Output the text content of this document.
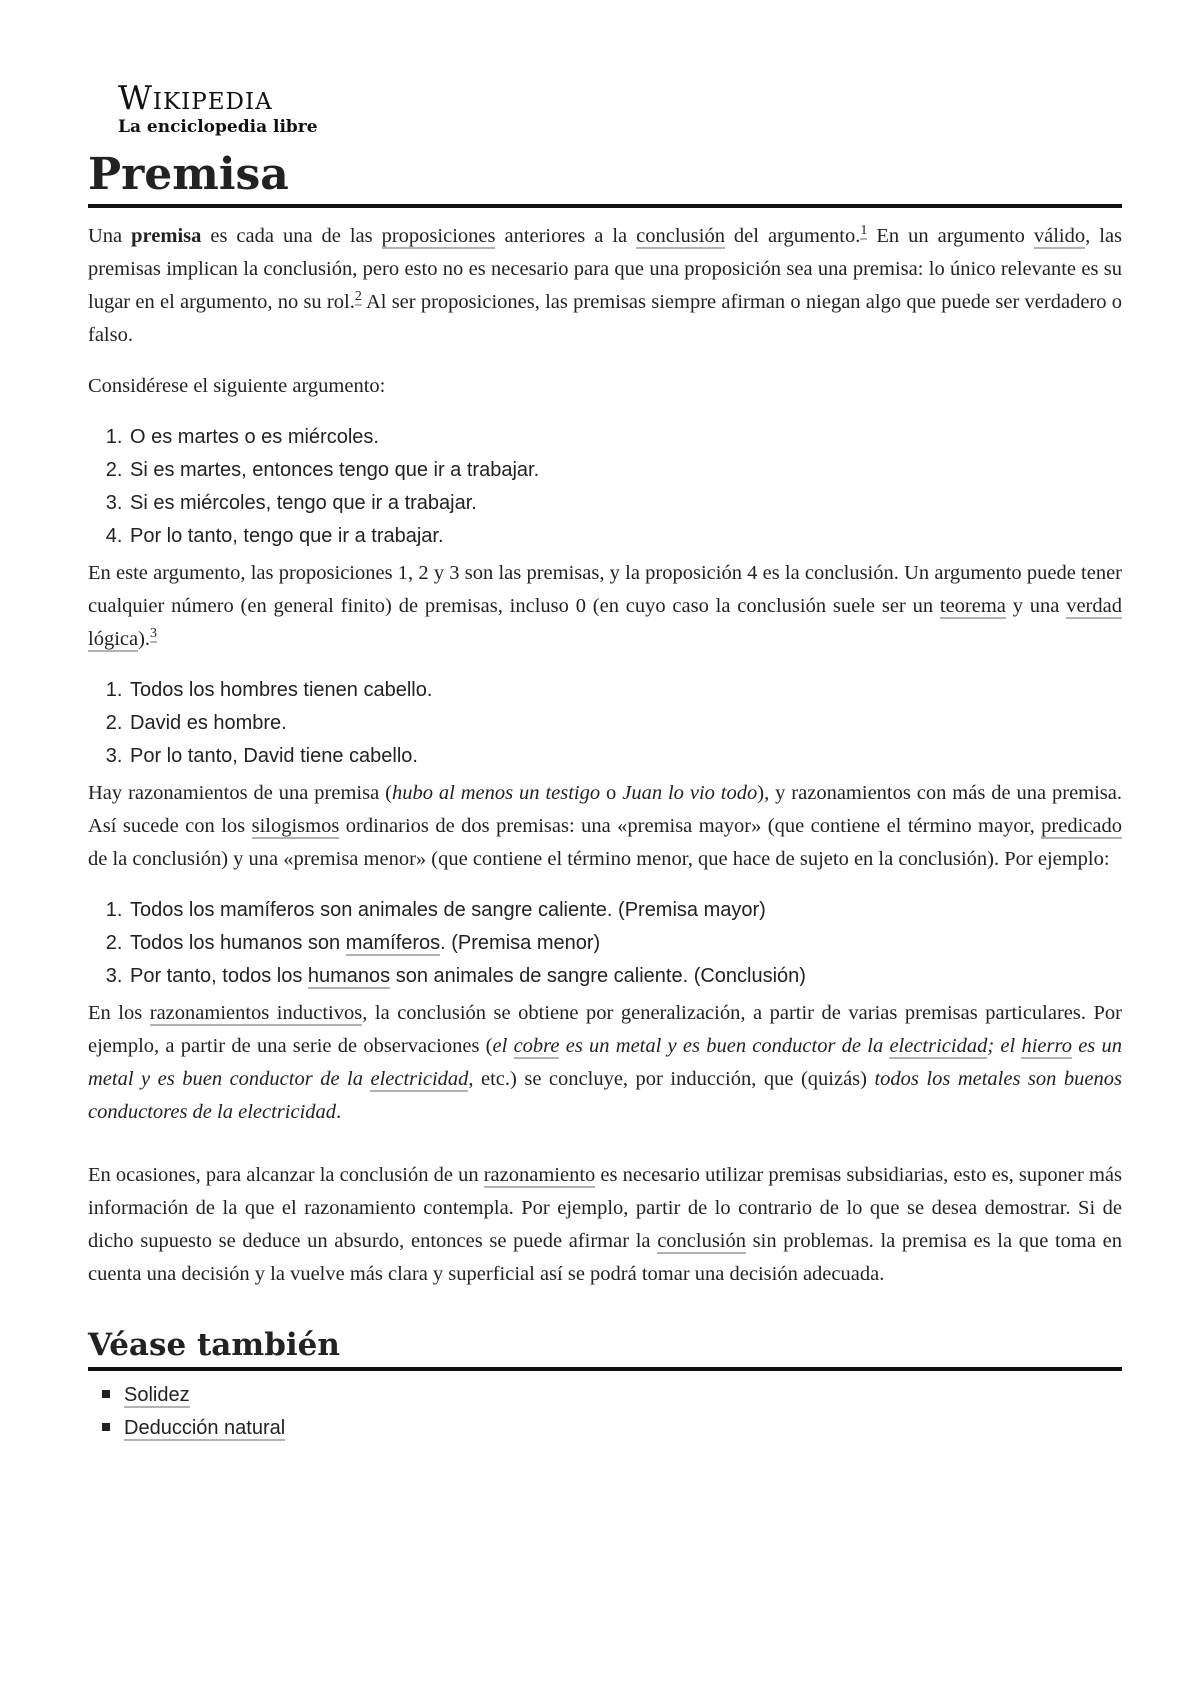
Wikipedia
La enciclopedia libre
Premisa

Una premisa es cada una de las proposiciones anteriores a la conclusión del argumento.$^1$ En un argumento válido, las premisas implican la conclusión, pero esto no es necesario para que una proposición sea una premisa: lo único relevante es su lugar en el argumento, no su rol.$^2$ Al ser proposiciones, las premisas siempre afirman o niegan algo que puede ser verdadero o falso.

Considérese el siguiente argumento:

1. O es martes o es miércoles.
2. Si es martes, entonces tengo que ir a trabajar.
3. Si es miércoles, tengo que ir a trabajar.
4. Por lo tanto, tengo que ir a trabajar.

En este argumento, las proposiciones 1, 2 y 3 son las premisas, y la proposición 4 es la conclusión. Un argumento puede tener cualquier número (en general finito) de premisas, incluso 0 (en cuyo caso la conclusión suele ser un teorema y una verdad lógica).$^3$

1. Todos los hombres tienen cabello.
2. David es hombre.
3. Por lo tanto, David tiene cabello.

Hay razonamientos de una premisa (hubo al menos un testigo o Juan lo vio todo), y razonamientos con más de una premisa. Así sucede con los silogismos ordinarios de dos premisas: una «premisa mayor» (que contiene el término mayor, predicado de la conclusión) y una «premisa menor» (que contiene el término menor, que hace de sujeto en la conclusión). Por ejemplo:

1. Todos los mamíferos son animales de sangre caliente. (Premisa mayor)
2. Todos los humanos son mamíferos. (Premisa menor)
3. Por tanto, todos los humanos son animales de sangre caliente. (Conclusión)

En los razonamientos inductivos, la conclusión se obtiene por generalización, a partir de varias premisas particulares. Por ejemplo, a partir de una serie de observaciones (el cobre es un metal y es buen conductor de la electricidad; el hierro es un metal y es buen conductor de la electricidad, etc.) se concluye, por inducción, que (quizás) todos los metales son buenos conductores de la electricidad.

En ocasiones, para alcanzar la conclusión de un razonamiento es necesario utilizar premisas subsidiarias, esto es, suponer más información de la que el razonamiento contempla. Por ejemplo, partir de lo contrario de lo que se desea demostrar. Si de dicho supuesto se deduce un absurdo, entonces se puede afirmar la conclusión sin problemas. la premisa es la que toma en cuenta una decisión y la vuelve más clara y superficial así se podrá tomar una decisión adecuada.

Véase también
Solidez
Deducción natural
